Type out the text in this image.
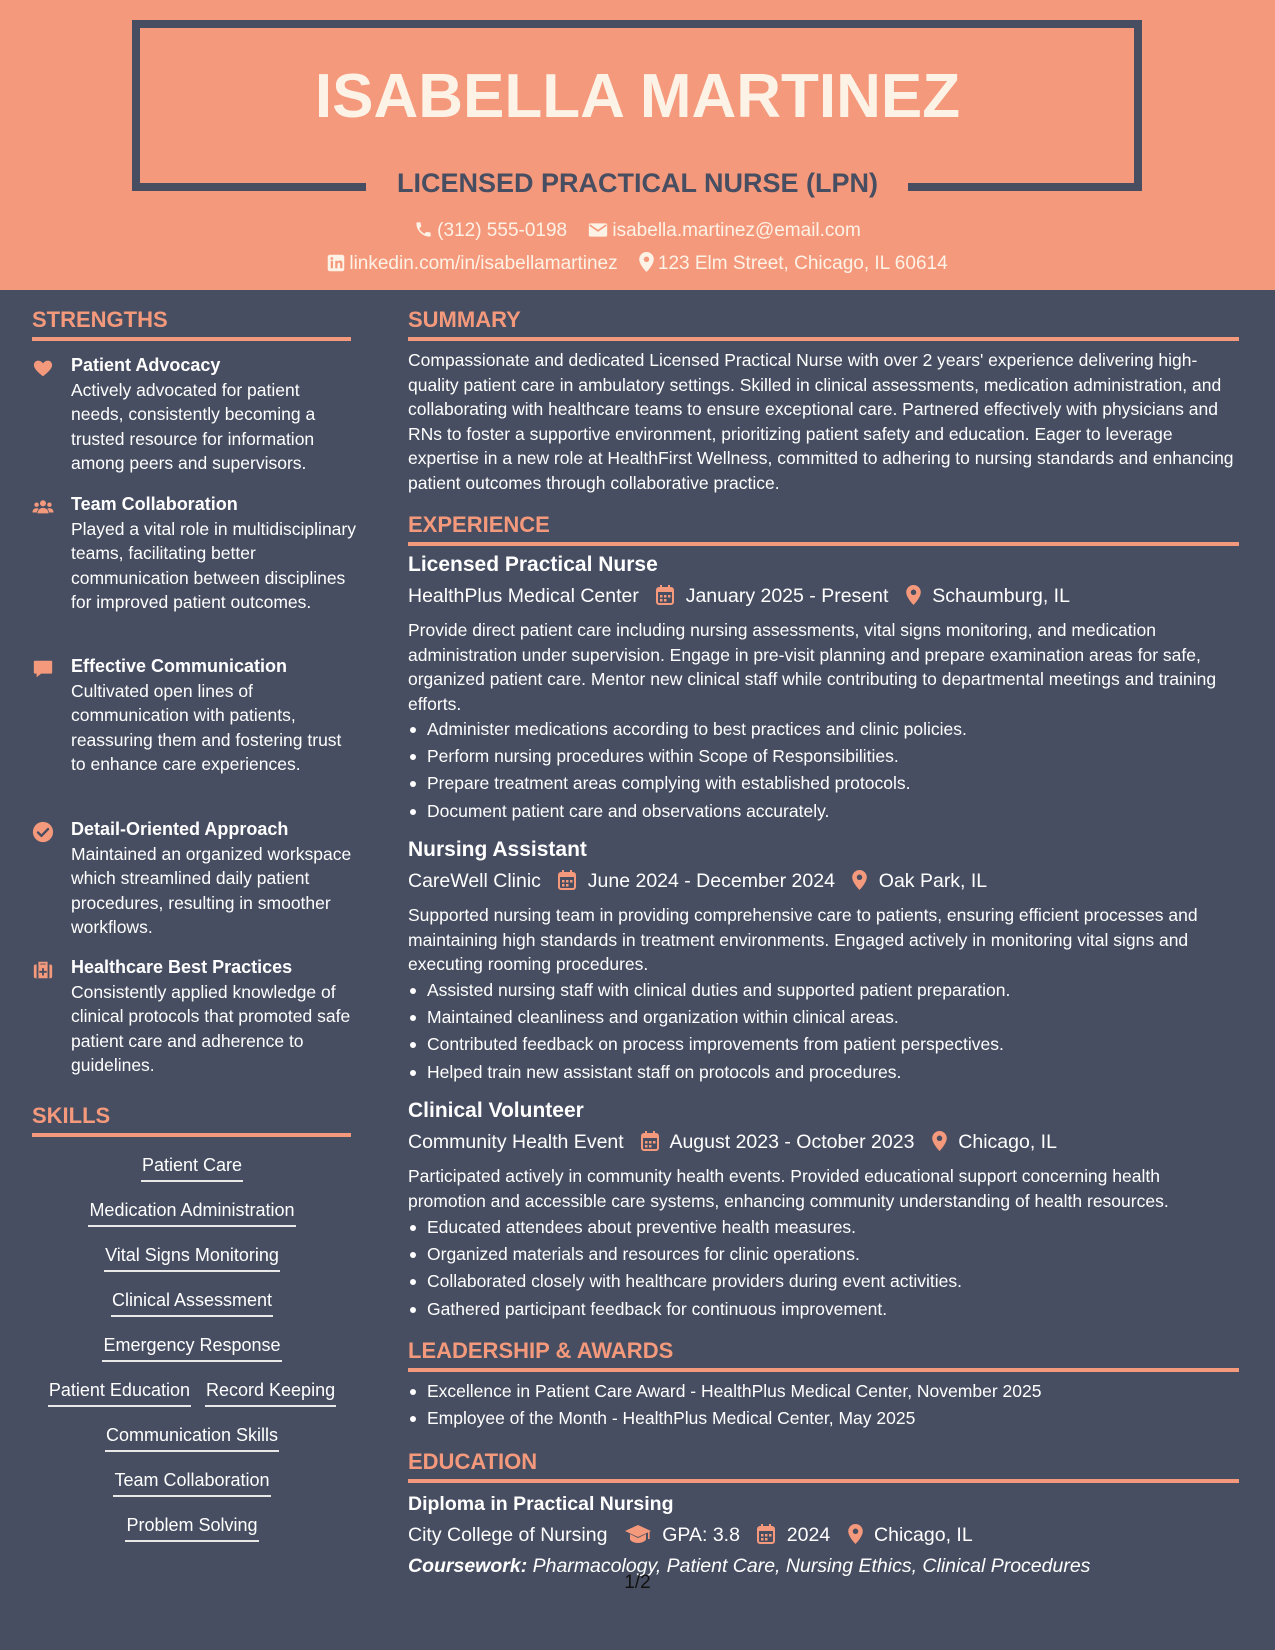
ISABELLA MARTINEZ
LICENSED PRACTICAL NURSE (LPN)
(312) 555-0198 isabella.martinez@email.com
linkedin.com/in/isabellamartinez 123 Elm Street, Chicago, IL 60614
STRENGTHS
Patient Advocacy
Actively advocated for patient needs, consistently becoming a trusted resource for information among peers and supervisors.
Team Collaboration
Played a vital role in multidisciplinary teams, facilitating better communication between disciplines for improved patient outcomes.
Effective Communication
Cultivated open lines of communication with patients, reassuring them and fostering trust to enhance care experiences.
Detail-Oriented Approach
Maintained an organized workspace which streamlined daily patient procedures, resulting in smoother workflows.
Healthcare Best Practices
Consistently applied knowledge of clinical protocols that promoted safe patient care and adherence to guidelines.
SKILLS
Patient Care
Medication Administration
Vital Signs Monitoring
Clinical Assessment
Emergency Response
Patient Education Record Keeping
Communication Skills
Team Collaboration
Problem Solving
SUMMARY
Compassionate and dedicated Licensed Practical Nurse with over 2 years' experience delivering high-quality patient care in ambulatory settings. Skilled in clinical assessments, medication administration, and collaborating with healthcare teams to ensure exceptional care. Partnered effectively with physicians and RNs to foster a supportive environment, prioritizing patient safety and education. Eager to leverage expertise in a new role at HealthFirst Wellness, committed to adhering to nursing standards and enhancing patient outcomes through collaborative practice.
EXPERIENCE
Licensed Practical Nurse
HealthPlus Medical Center January 2025 - Present Schaumburg, IL
Provide direct patient care including nursing assessments, vital signs monitoring, and medication administration under supervision. Engage in pre-visit planning and prepare examination areas for safe, organized patient care. Mentor new clinical staff while contributing to departmental meetings and training efforts.
Administer medications according to best practices and clinic policies.
Perform nursing procedures within Scope of Responsibilities.
Prepare treatment areas complying with established protocols.
Document patient care and observations accurately.
Nursing Assistant
CareWell Clinic June 2024 - December 2024 Oak Park, IL
Supported nursing team in providing comprehensive care to patients, ensuring efficient processes and maintaining high standards in treatment environments. Engaged actively in monitoring vital signs and executing rooming procedures.
Assisted nursing staff with clinical duties and supported patient preparation.
Maintained cleanliness and organization within clinical areas.
Contributed feedback on process improvements from patient perspectives.
Helped train new assistant staff on protocols and procedures.
Clinical Volunteer
Community Health Event August 2023 - October 2023 Chicago, IL
Participated actively in community health events. Provided educational support concerning health promotion and accessible care systems, enhancing community understanding of health resources.
Educated attendees about preventive health measures.
Organized materials and resources for clinic operations.
Collaborated closely with healthcare providers during event activities.
Gathered participant feedback for continuous improvement.
LEADERSHIP & AWARDS
Excellence in Patient Care Award - HealthPlus Medical Center, November 2025
Employee of the Month - HealthPlus Medical Center, May 2025
EDUCATION
Diploma in Practical Nursing
City College of Nursing	GPA: 3.8 2024 Chicago, IL
Coursework: Pharmacology, Patient Care, Nursing Ethics, Clinical Procedures
1/2
